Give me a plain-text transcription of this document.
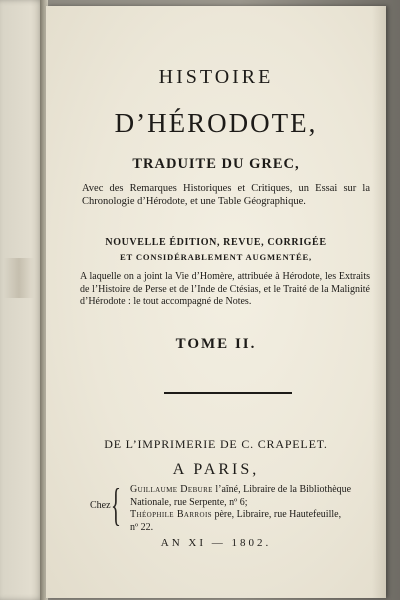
HISTOIRE
D’HÉRODOTE,
TRADUITE DU GREC,
Avec des Remarques Historiques et Critiques, un Essai sur la Chronologie d’Hérodote, et une Table Géographique.
NOUVELLE ÉDITION, REVUE, CORRIGÉE
ET CONSIDÉRABLEMENT AUGMENTÉE,
A laquelle on a joint la Vie d’Homère, attribuée à Hérodote, les Extraits de l’Histoire de Perse et de l’Inde de Ctésias, et le Traité de la Malignité d’Hérodote : le tout accompagné de Notes.
TOME II.
DE L’IMPRIMERIE DE C. CRAPELET.
A PARIS,
Chez { Guillaume Debure l’aîné, Libraire de la Bibliothèque
Nationale, rue Serpente, nº 6;
Théophile Barrois père, Libraire, rue Hautefeuille,
nº 22.
AN XI — 1802.
